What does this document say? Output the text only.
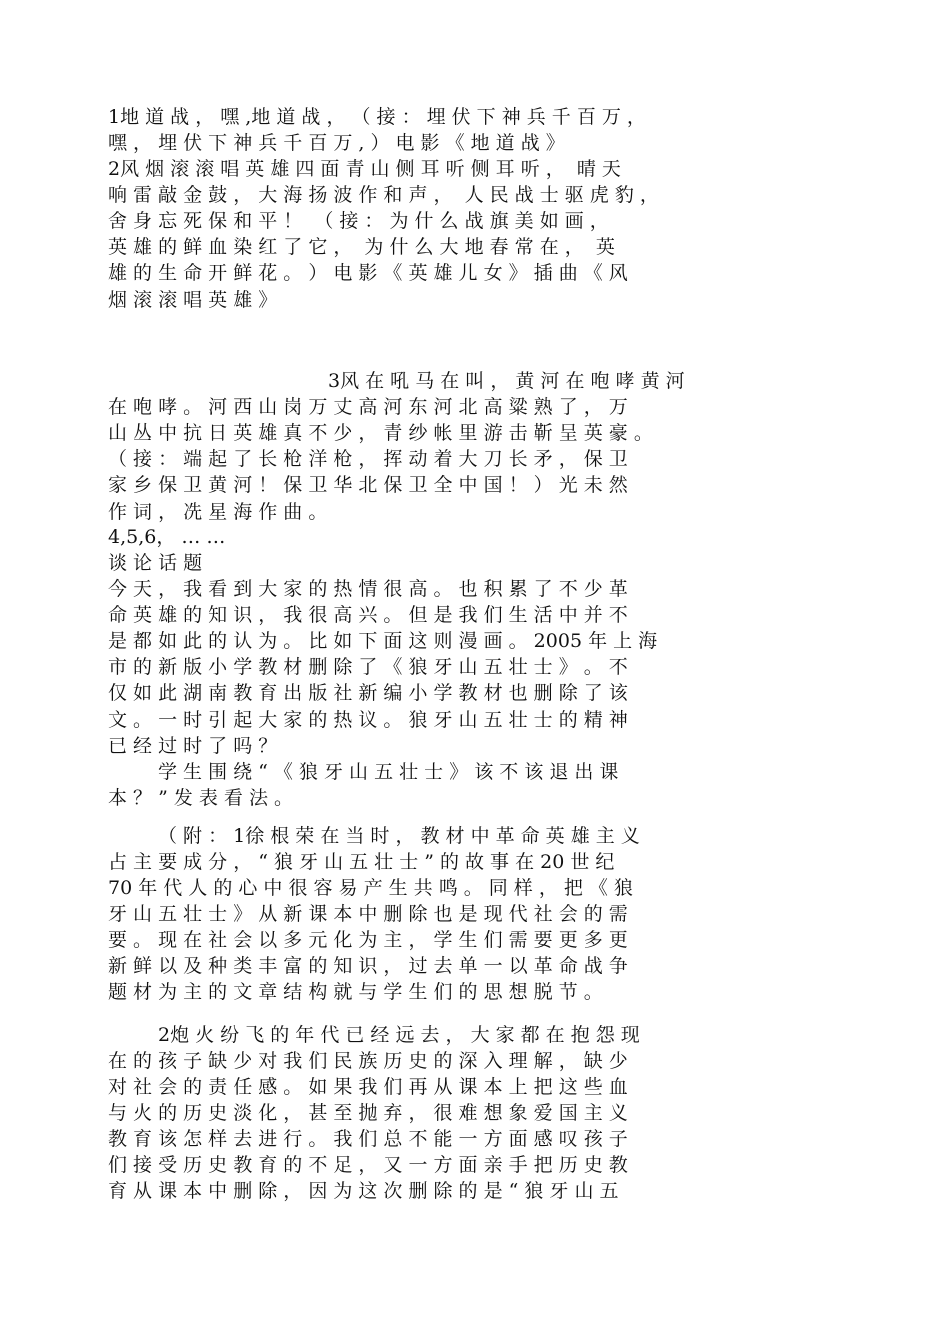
1地 道 战 ， 嘿 ,地 道 战 ， （ 接 ： 埋 伏 下 神 兵 千 百 万 ，
嘿 ， 埋 伏 下 神 兵 千 百 万 , ） 电 影 《 地 道 战 》
2风 烟 滚 滚 唱 英 雄 四 面 青 山 侧 耳 听 侧 耳 听 ，  晴 天
响 雷 敲 金 鼓 ， 大 海 扬 波 作 和 声 ，  人 民 战 士 驱 虎 豹 ，
舍 身 忘 死 保 和 平 ！  （ 接 ： 为 什 么 战 旗 美 如 画 ，
英 雄 的 鲜 血 染 红 了 它 ，  为 什 么 大 地 春 常 在 ，  英
雄 的 生 命 开 鲜 花 。 ） 电 影 《 英 雄 儿 女 》 插 曲 《 风
烟 滚 滚 唱 英 雄 》
3风 在 吼 马 在 叫 ， 黄 河 在 咆 哮 黄 河
在 咆 哮 。 河 西 山 岗 万 丈 高 河 东 河 北 高 粱 熟 了 ， 万
山 丛 中 抗 日 英 雄 真 不 少 ， 青 纱 帐 里 游 击 靳 呈 英 豪 。
（ 接 ： 端 起 了 长 枪 洋 枪 ， 挥 动 着 大 刀 长 矛 ， 保 卫
家 乡 保 卫 黄 河 ！ 保 卫 华 北 保 卫 全 中 国 ！ ） 光 未 然
作 词 ， 冼 星 海 作 曲 。
4,5,6， … …
谈 论 话 题
今 天 ， 我 看 到 大 家 的 热 情 很 高 。 也 积 累 了 不 少 革
命 英 雄 的 知 识 ， 我 很 高 兴 。 但 是 我 们 生 活 中 并 不
是 都 如 此 的 认 为 。 比 如 下 面 这 则 漫 画 。 2005 年 上 海
市 的 新 版 小 学 教 材 删 除 了 《 狼 牙 山 五 壮 士 》 。 不
仅 如 此 湖 南 教 育 出 版 社 新 编 小 学 教 材 也 删 除 了 该
文 。 一 时 引 起 大 家 的 热 议 。 狼 牙 山 五 壮 士 的 精 神
已 经 过 时 了 吗 ？
学 生 围 绕 “ 《 狼 牙 山 五 壮 士 》 该 不 该 退 出 课
本 ？ ” 发 表 看 法 。
（ 附 ： 1徐 根 荣 在 当 时 ， 教 材 中 革 命 英 雄 主 义
占 主 要 成 分 ， “ 狼 牙 山 五 壮 士 ” 的 故 事 在 20 世 纪
70 年 代 人 的 心 中 很 容 易 产 生 共 鸣 。 同 样 ， 把 《 狼
牙 山 五 壮 士 》 从 新 课 本 中 删 除 也 是 现 代 社 会 的 需
要 。 现 在 社 会 以 多 元 化 为 主 ， 学 生 们 需 要 更 多 更
新 鲜 以 及 种 类 丰 富 的 知 识 ， 过 去 单 一 以 革 命 战 争
题 材 为 主 的 文 章 结 构 就 与 学 生 们 的 思 想 脱 节 。
2炮 火 纷 飞 的 年 代 已 经 远 去 ， 大 家 都 在 抱 怨 现
在 的 孩 子 缺 少 对 我 们 民 族 历 史 的 深 入 理 解 ， 缺 少
对 社 会 的 责 任 感 。 如 果 我 们 再 从 课 本 上 把 这 些 血
与 火 的 历 史 淡 化 ， 甚 至 抛 弃 ， 很 难 想 象 爱 国 主 义
教 育 该 怎 样 去 进 行 。 我 们 总 不 能 一 方 面 感 叹 孩 子
们 接 受 历 史 教 育 的 不 足 ， 又 一 方 面 亲 手 把 历 史 教
育 从 课 本 中 删 除 ， 因 为 这 次 删 除 的 是 “ 狼 牙 山 五
